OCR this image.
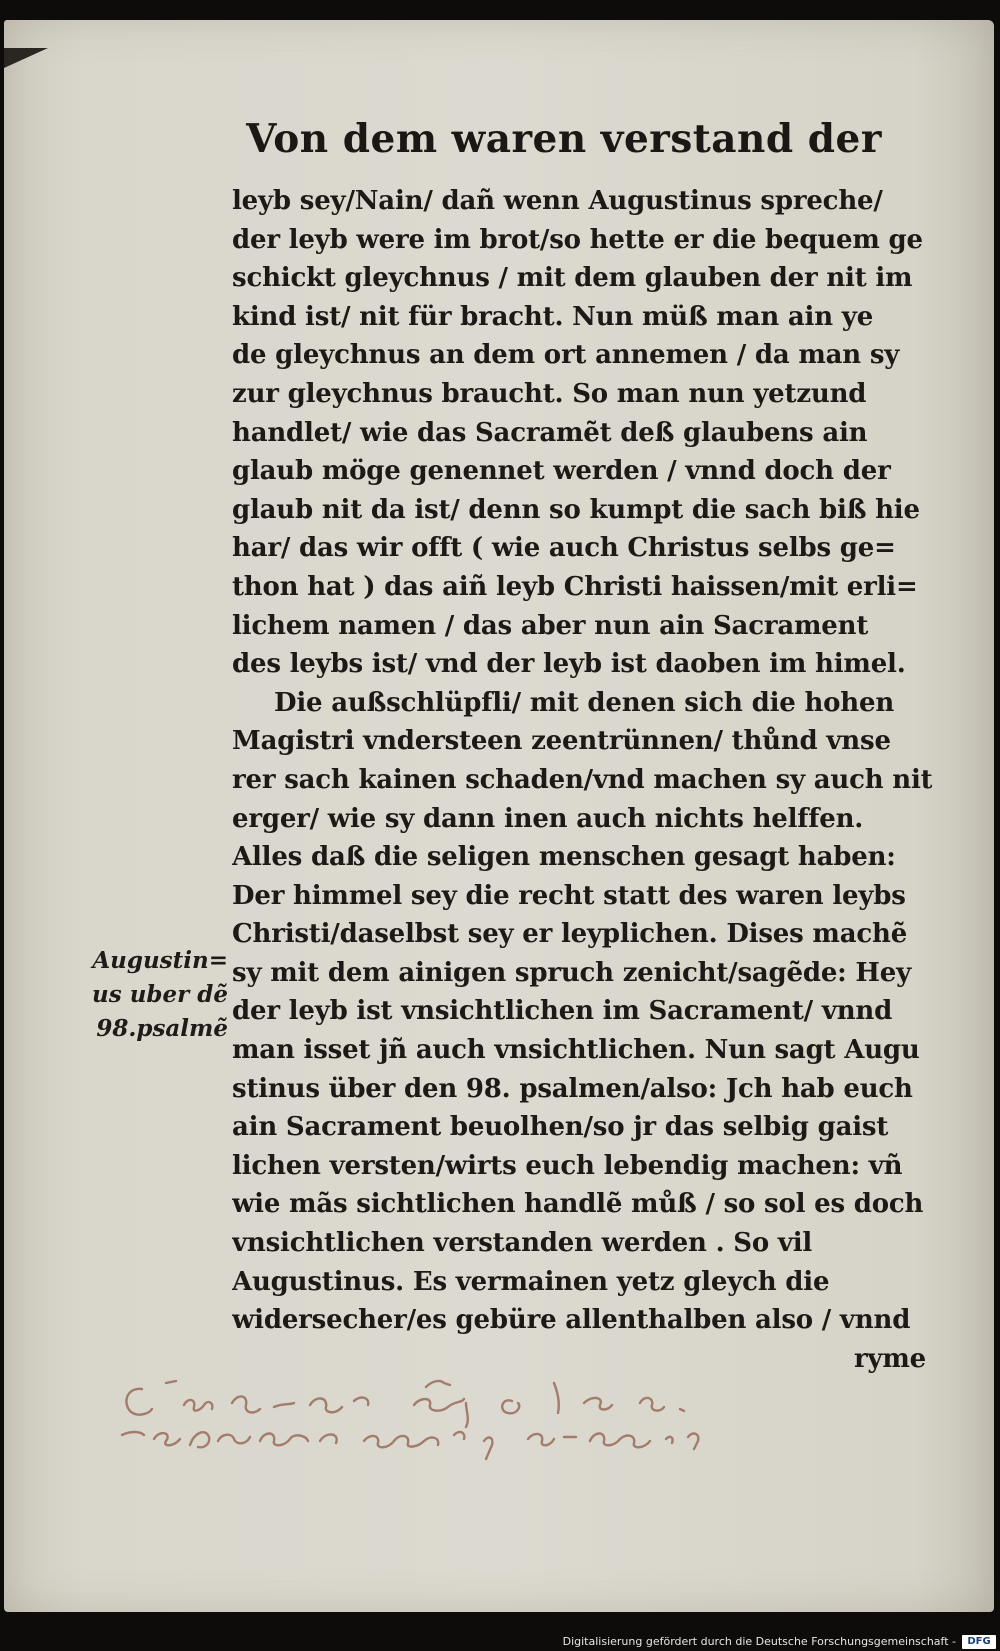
Von dem waren verstand der
leyb sey/Nain/ dañ wenn Augustinus spreche/
der leyb were im brot/so hette er die bequem ge
schickt gleychnus / mit dem glauben der nit im
kind ist/ nit für bracht. Nun müß man ain ye
de gleychnus an dem ort annemen / da man sy
zur gleychnus braucht. So man nun yetzund
handlet/ wie das Sacramẽt deß glaubens ain
glaub möge genennet werden / vnnd doch der
glaub nit da ist/ denn so kumpt die sach biß hie
har/ das wir offt ( wie auch Christus selbs ge=
thon hat ) das aiñ leyb Christi haissen/mit erli=
lichem namen / das aber nun ain Sacrament
des leybs ist/ vnd der leyb ist daoben im himel.
Die außschlüpfli/ mit denen sich die hohen
Magistri vndersteen zeentrünnen/ thůnd vnse
rer sach kainen schaden/vnd machen sy auch nit
erger/ wie sy dann inen auch nichts helffen.
Alles daß die seligen menschen gesagt haben:
Der himmel sey die recht statt des waren leybs
Christi/daselbst sey er leyplichen. Dises machẽ
sy mit dem ainigen spruch zenicht/sagẽde: Hey
der leyb ist vnsichtlichen im Sacrament/ vnnd
man isset jñ auch vnsichtlichen. Nun sagt Augu
stinus über den 98. psalmen/also: Jch hab euch
ain Sacrament beuolhen/so jr das selbig gaist
lichen versten/wirts euch lebendig machen: vñ
wie mãs sichtlichen handlẽ můß / so sol es doch
vnsichtlichen verstanden werden . So vil
Augustinus. Es vermainen yetz gleych die
widersecher/es gebüre allenthalben also / vnnd
ryme
Augustin=
us uber dẽ
98.psalmẽ
Digitalisierung gefördert durch die Deutsche Forschungsgemeinschaft -	DFG
